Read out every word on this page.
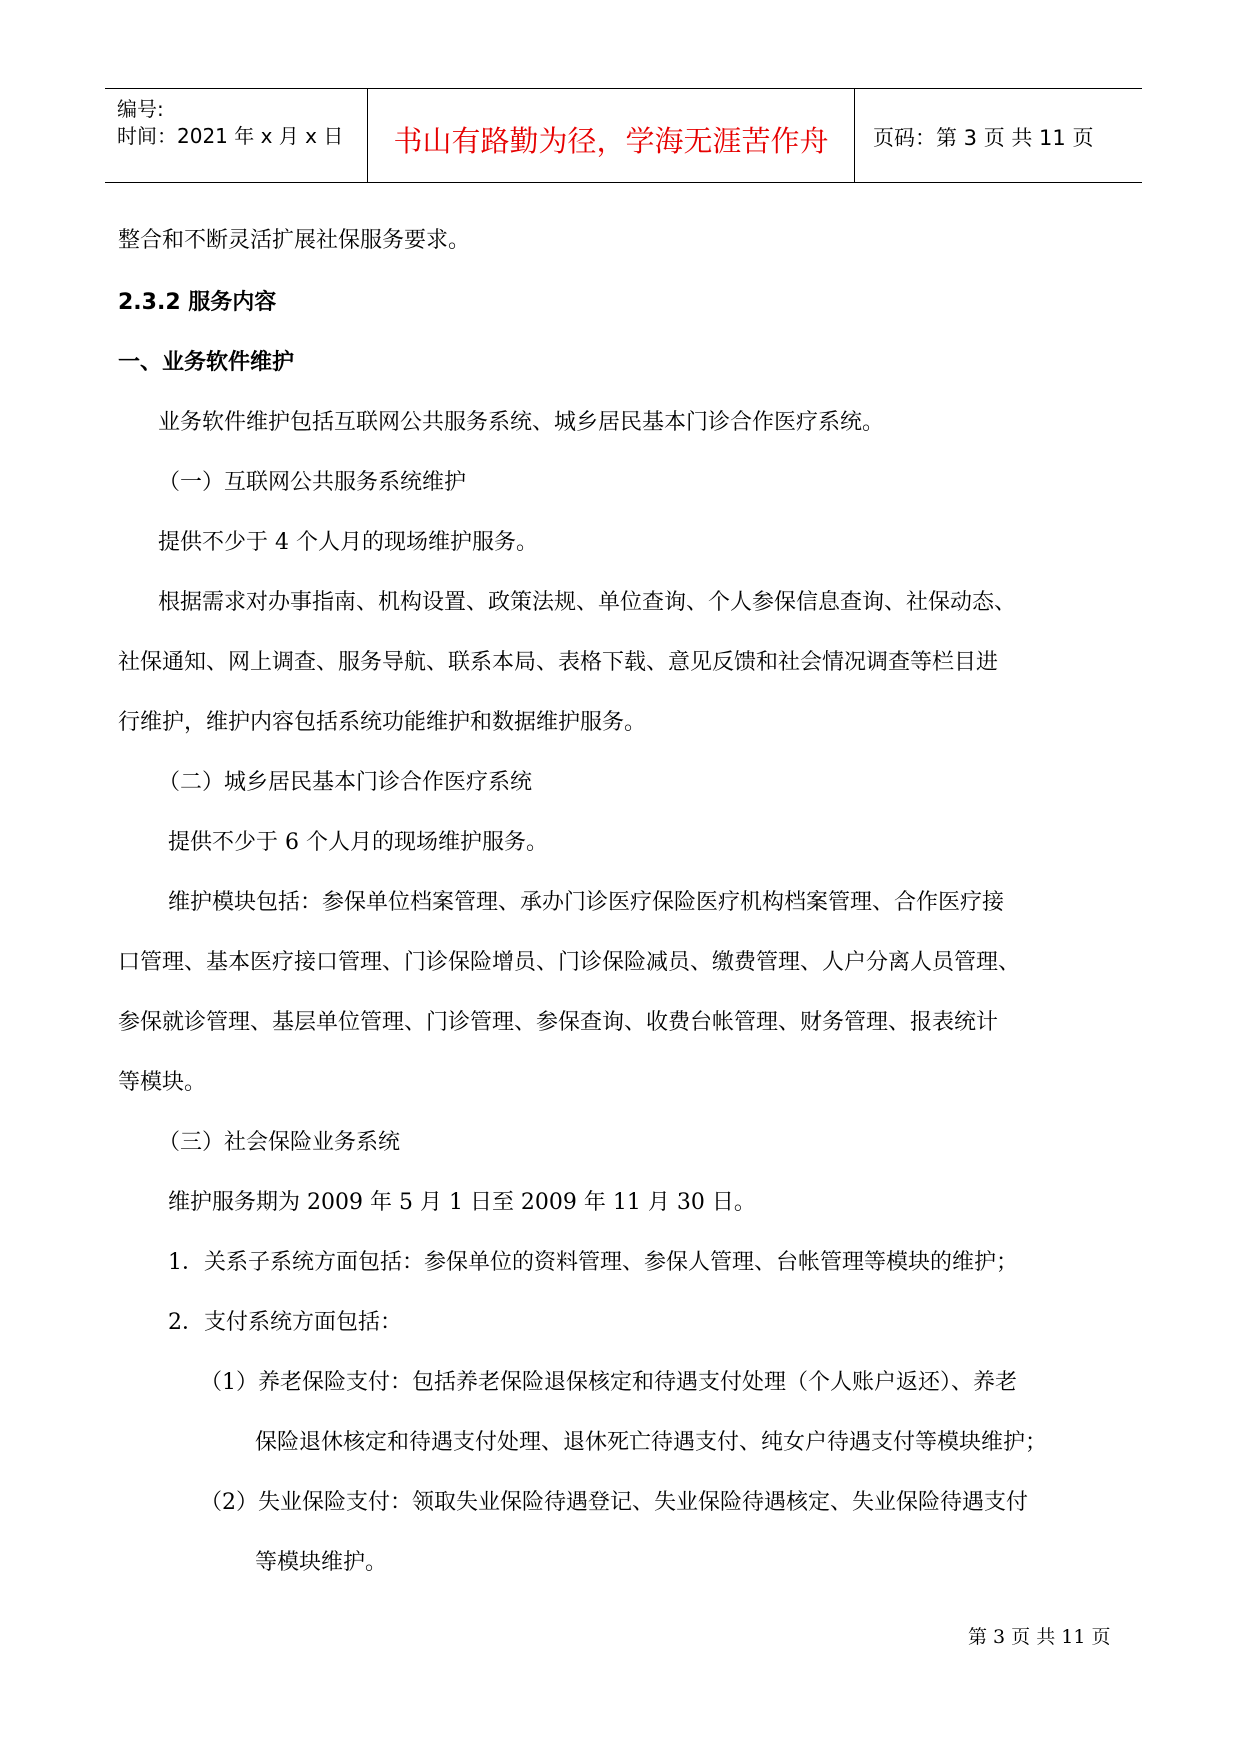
编号:
时间：2021 年 x 月 x 日	书山有路勤为径，学海无涯苦作舟	页码：第 3 页 共 11 页
整合和不断灵活扩展社保服务要求。
2.3.2 服务内容
一、业务软件维护
业务软件维护包括互联网公共服务系统、城乡居民基本门诊合作医疗系统。
（一）互联网公共服务系统维护
提供不少于 4 个人月的现场维护服务。
根据需求对办事指南、机构设置、政策法规、单位查询、个人参保信息查询、社保动态、
社保通知、网上调查、服务导航、联系本局、表格下载、意见反馈和社会情况调查等栏目进
行维护，维护内容包括系统功能维护和数据维护服务。
（二）城乡居民基本门诊合作医疗系统
提供不少于 6 个人月的现场维护服务。
维护模块包括：参保单位档案管理、承办门诊医疗保险医疗机构档案管理、合作医疗接
口管理、基本医疗接口管理、门诊保险增员、门诊保险减员、缴费管理、人户分离人员管理、
参保就诊管理、基层单位管理、门诊管理、参保查询、收费台帐管理、财务管理、报表统计
等模块。
（三）社会保险业务系统
维护服务期为 2009 年 5 月 1 日至 2009 年 11 月 30 日。
1．关系子系统方面包括：参保单位的资料管理、参保人管理、台帐管理等模块的维护；
2．支付系统方面包括：
（1）养老保险支付：包括养老保险退保核定和待遇支付处理（个人账户返还）、养老
保险退休核定和待遇支付处理、退休死亡待遇支付、纯女户待遇支付等模块维护；
（2）失业保险支付：领取失业保险待遇登记、失业保险待遇核定、失业保险待遇支付
等模块维护。
第 3 页 共 11 页
